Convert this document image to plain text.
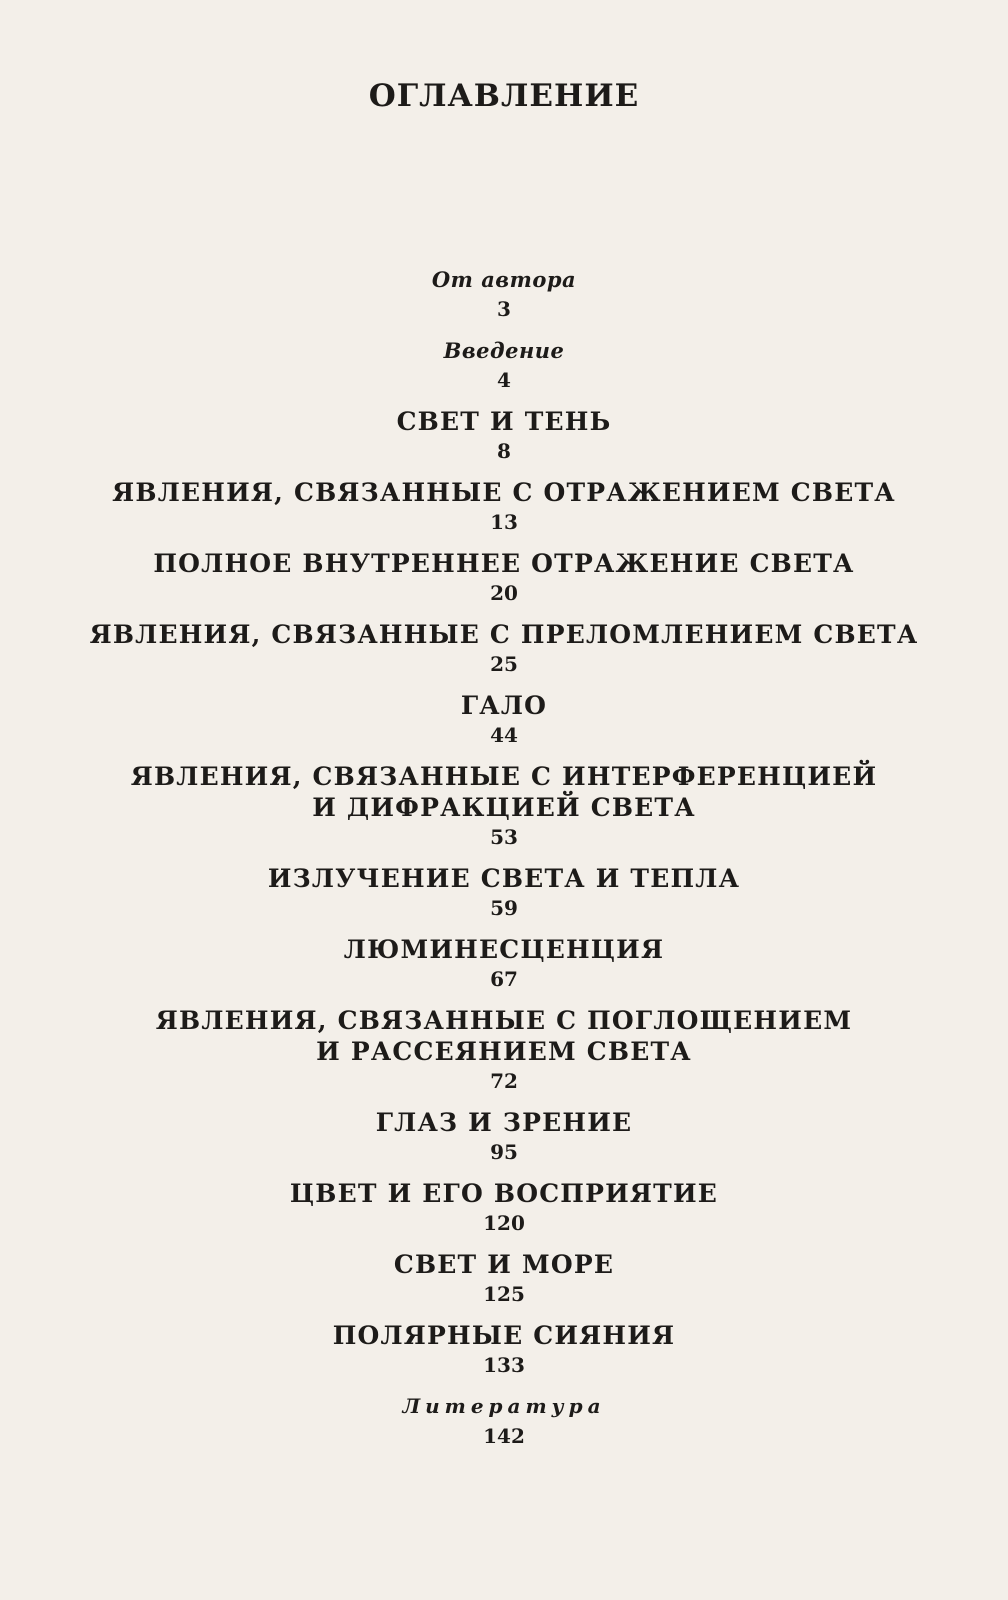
ОГЛАВЛЕНИЕ
От автора
3
Введение
4
СВЕТ И ТЕНЬ
8
ЯВЛЕНИЯ, СВЯЗАННЫЕ С ОТРАЖЕНИЕМ СВЕТА
13
ПОЛНОЕ ВНУТРЕННЕЕ ОТРАЖЕНИЕ СВЕТА
20
ЯВЛЕНИЯ, СВЯЗАННЫЕ С ПРЕЛОМЛЕНИЕМ СВЕТА
25
ГАЛО
44
ЯВЛЕНИЯ, СВЯЗАННЫЕ С ИНТЕРФЕРЕНЦИЕЙ
И ДИФРАКЦИЕЙ СВЕТА
53
ИЗЛУЧЕНИЕ СВЕТА И ТЕПЛА
59
ЛЮМИНЕСЦЕНЦИЯ
67
ЯВЛЕНИЯ, СВЯЗАННЫЕ С ПОГЛОЩЕНИЕМ
И РАССЕЯНИЕМ СВЕТА
72
ГЛАЗ И ЗРЕНИЕ
95
ЦВЕТ И ЕГО ВОСПРИЯТИЕ
120
СВЕТ И МОРЕ
125
ПОЛЯРНЫЕ СИЯНИЯ
133
Литература
142
